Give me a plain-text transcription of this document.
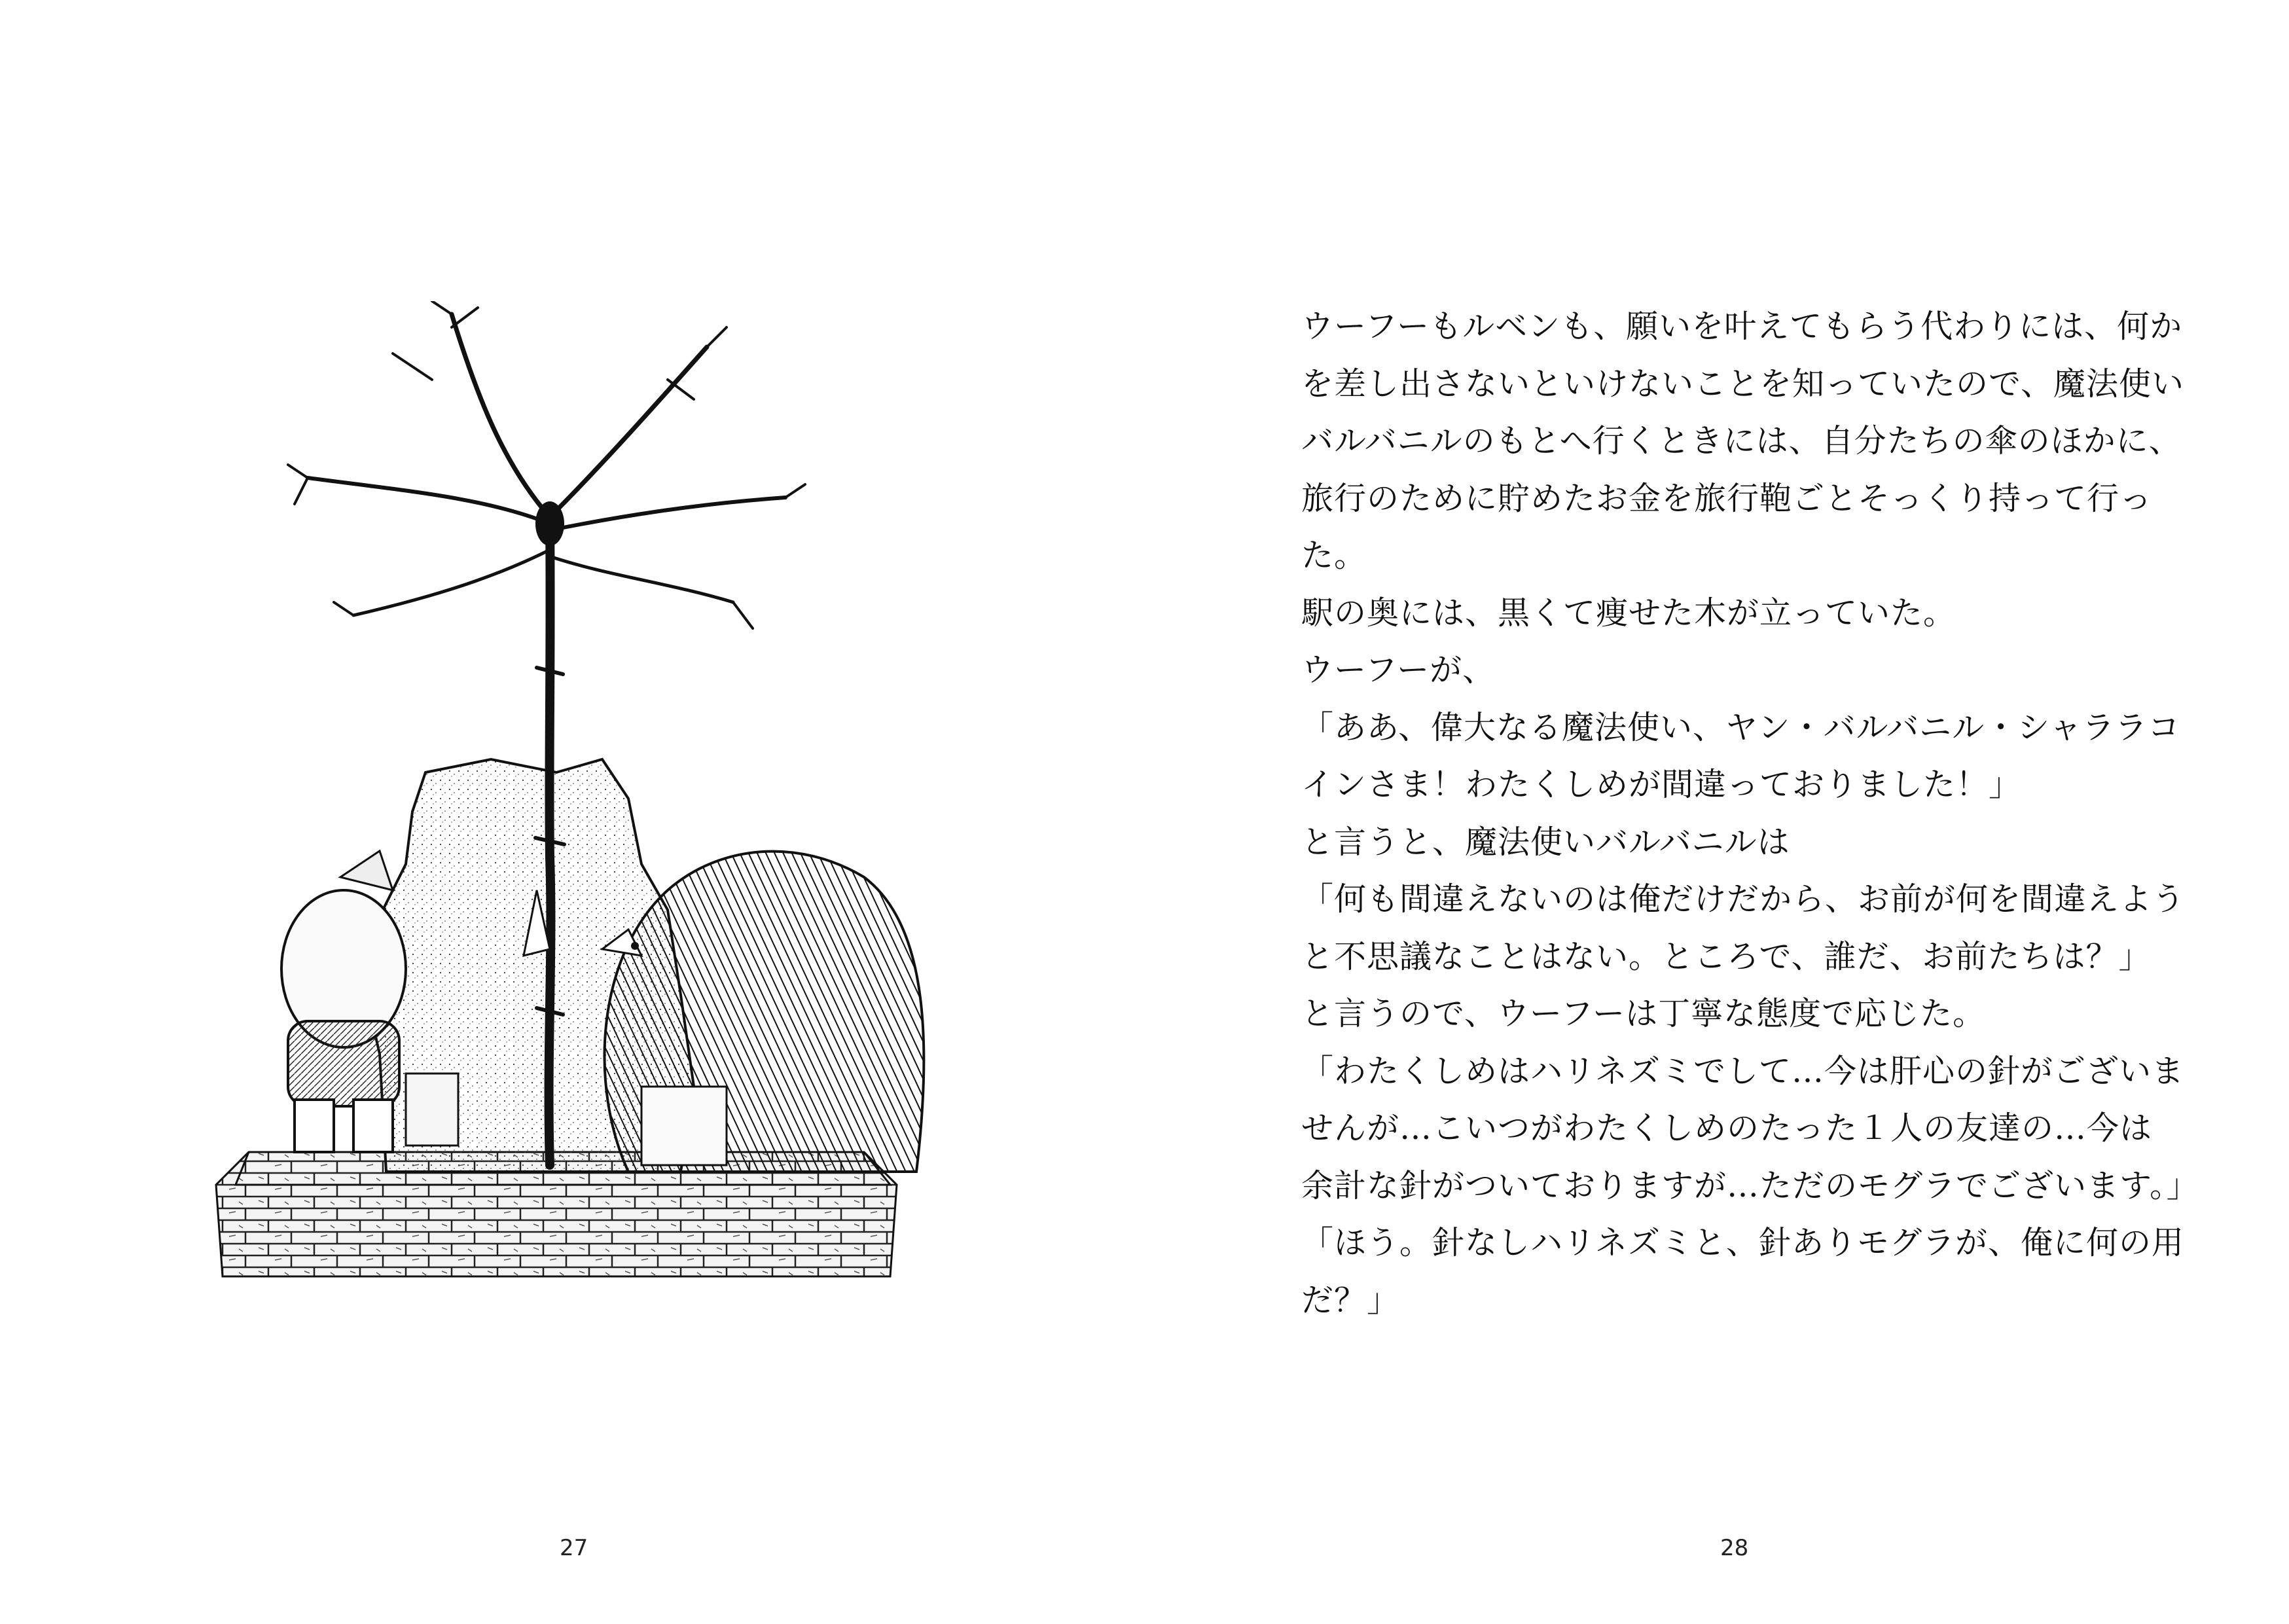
27
ウーフーもルベンも、願いを叶えてもらう代わりには、何か
を差し出さないといけないことを知っていたので、魔法使い
バルバニルのもとへ行くときには、自分たちの傘のほかに、
旅行のために貯めたお金を旅行鞄ごとそっくり持って行っ
た。
駅の奥には、黒くて痩せた木が立っていた。
ウーフーが、
「ああ、偉大なる魔法使い、ヤン・バルバニル・シャララコ
インさま！わたくしめが間違っておりました！」
と言うと、魔法使いバルバニルは
「何も間違えないのは俺だけだから、お前が何を間違えよう
と不思議なことはない。ところで、誰だ、お前たちは？」
と言うので、ウーフーは丁寧な態度で応じた。
「わたくしめはハリネズミでして…今は肝心の針がございま
せんが…こいつがわたくしめのたった１人の友達の…今は
余計な針がついておりますが…ただのモグラでございます。」
「ほう。針なしハリネズミと、針ありモグラが、俺に何の用
だ？」
28
